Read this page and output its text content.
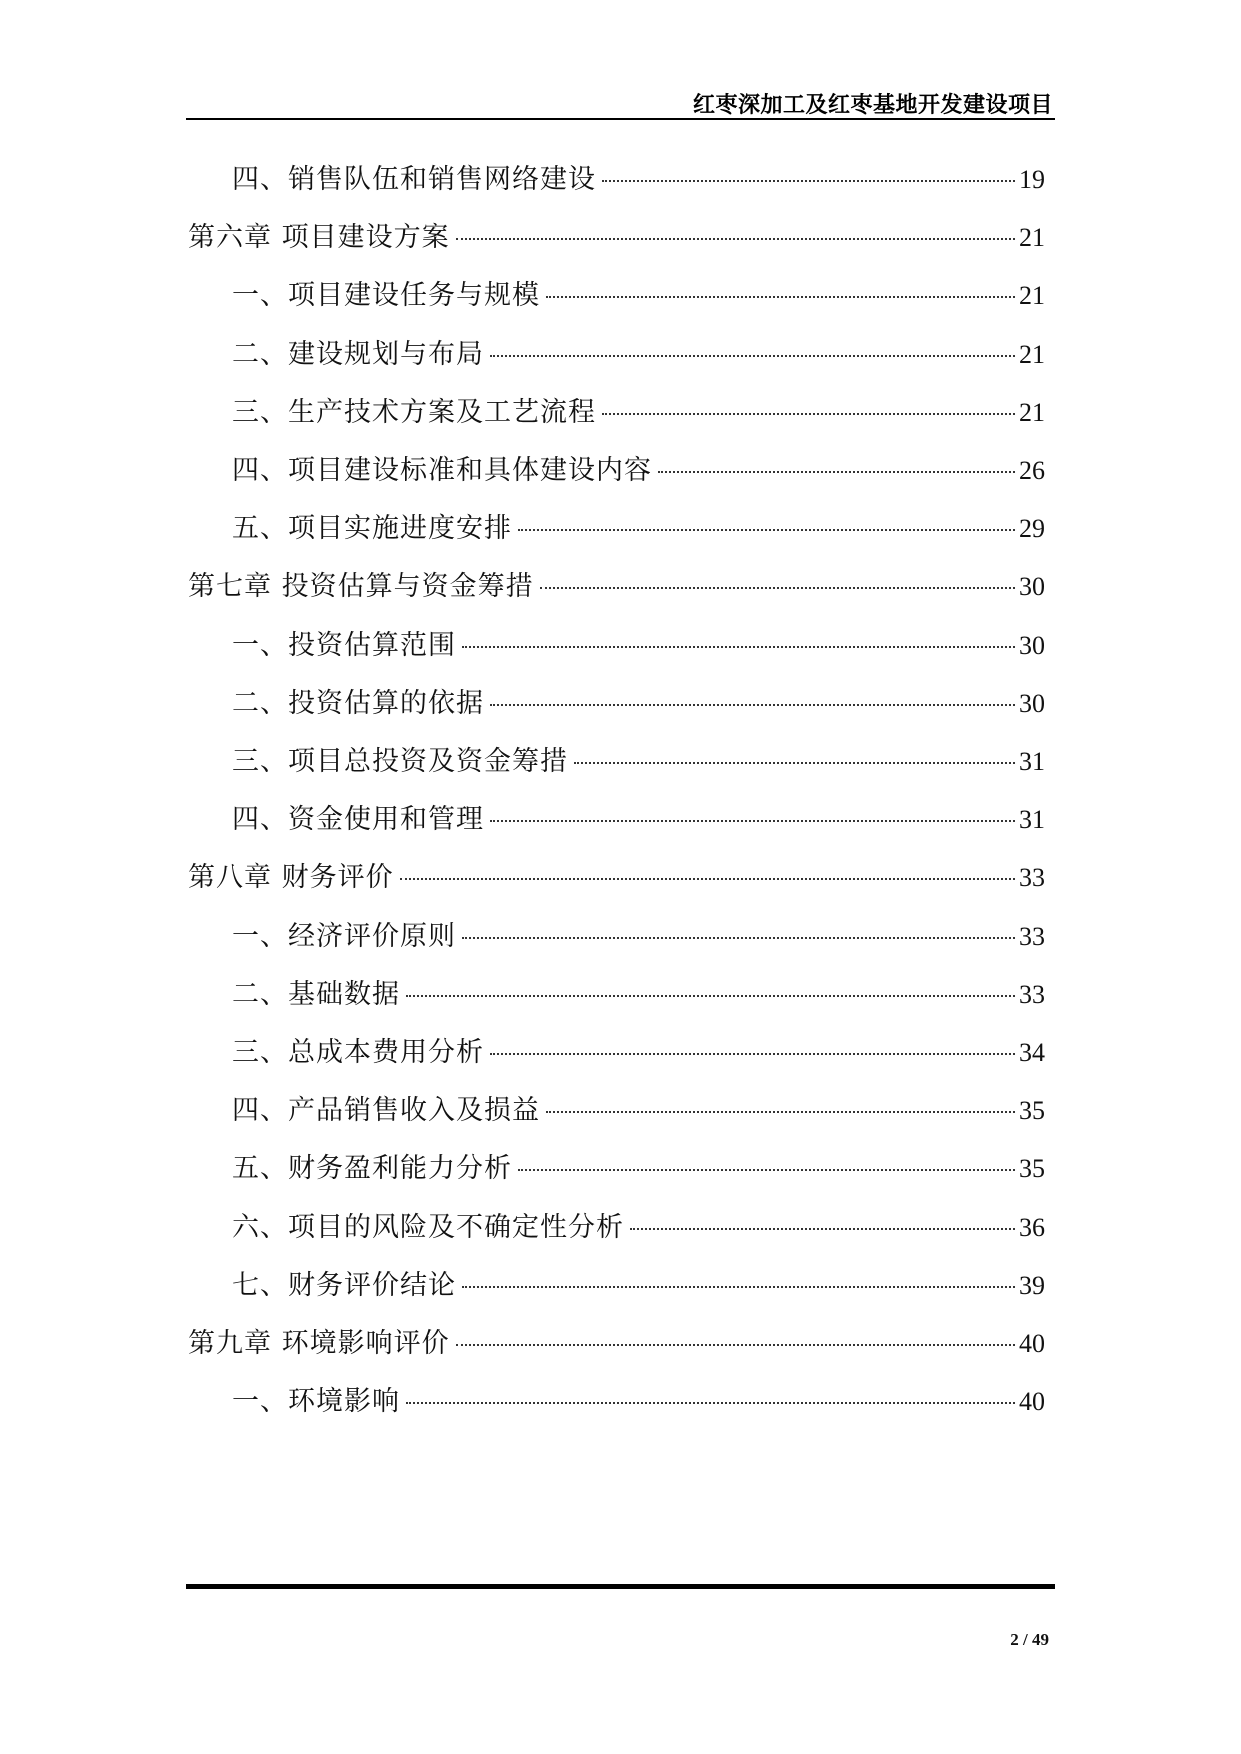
红枣深加工及红枣基地开发建设项目
四、销售队伍和销售网络建设	19
第六章 项目建设方案	21
一、项目建设任务与规模	21
二、建设规划与布局	21
三、生产技术方案及工艺流程	21
四、项目建设标准和具体建设内容	26
五、项目实施进度安排	29
第七章 投资估算与资金筹措	30
一、投资估算范围	30
二、投资估算的依据	30
三、项目总投资及资金筹措	31
四、资金使用和管理	31
第八章 财务评价	33
一、经济评价原则	33
二、基础数据	33
三、总成本费用分析	34
四、产品销售收入及损益	35
五、财务盈利能力分析	35
六、项目的风险及不确定性分析	36
七、财务评价结论	39
第九章 环境影响评价	40
一、环境影响	40
2 / 49
